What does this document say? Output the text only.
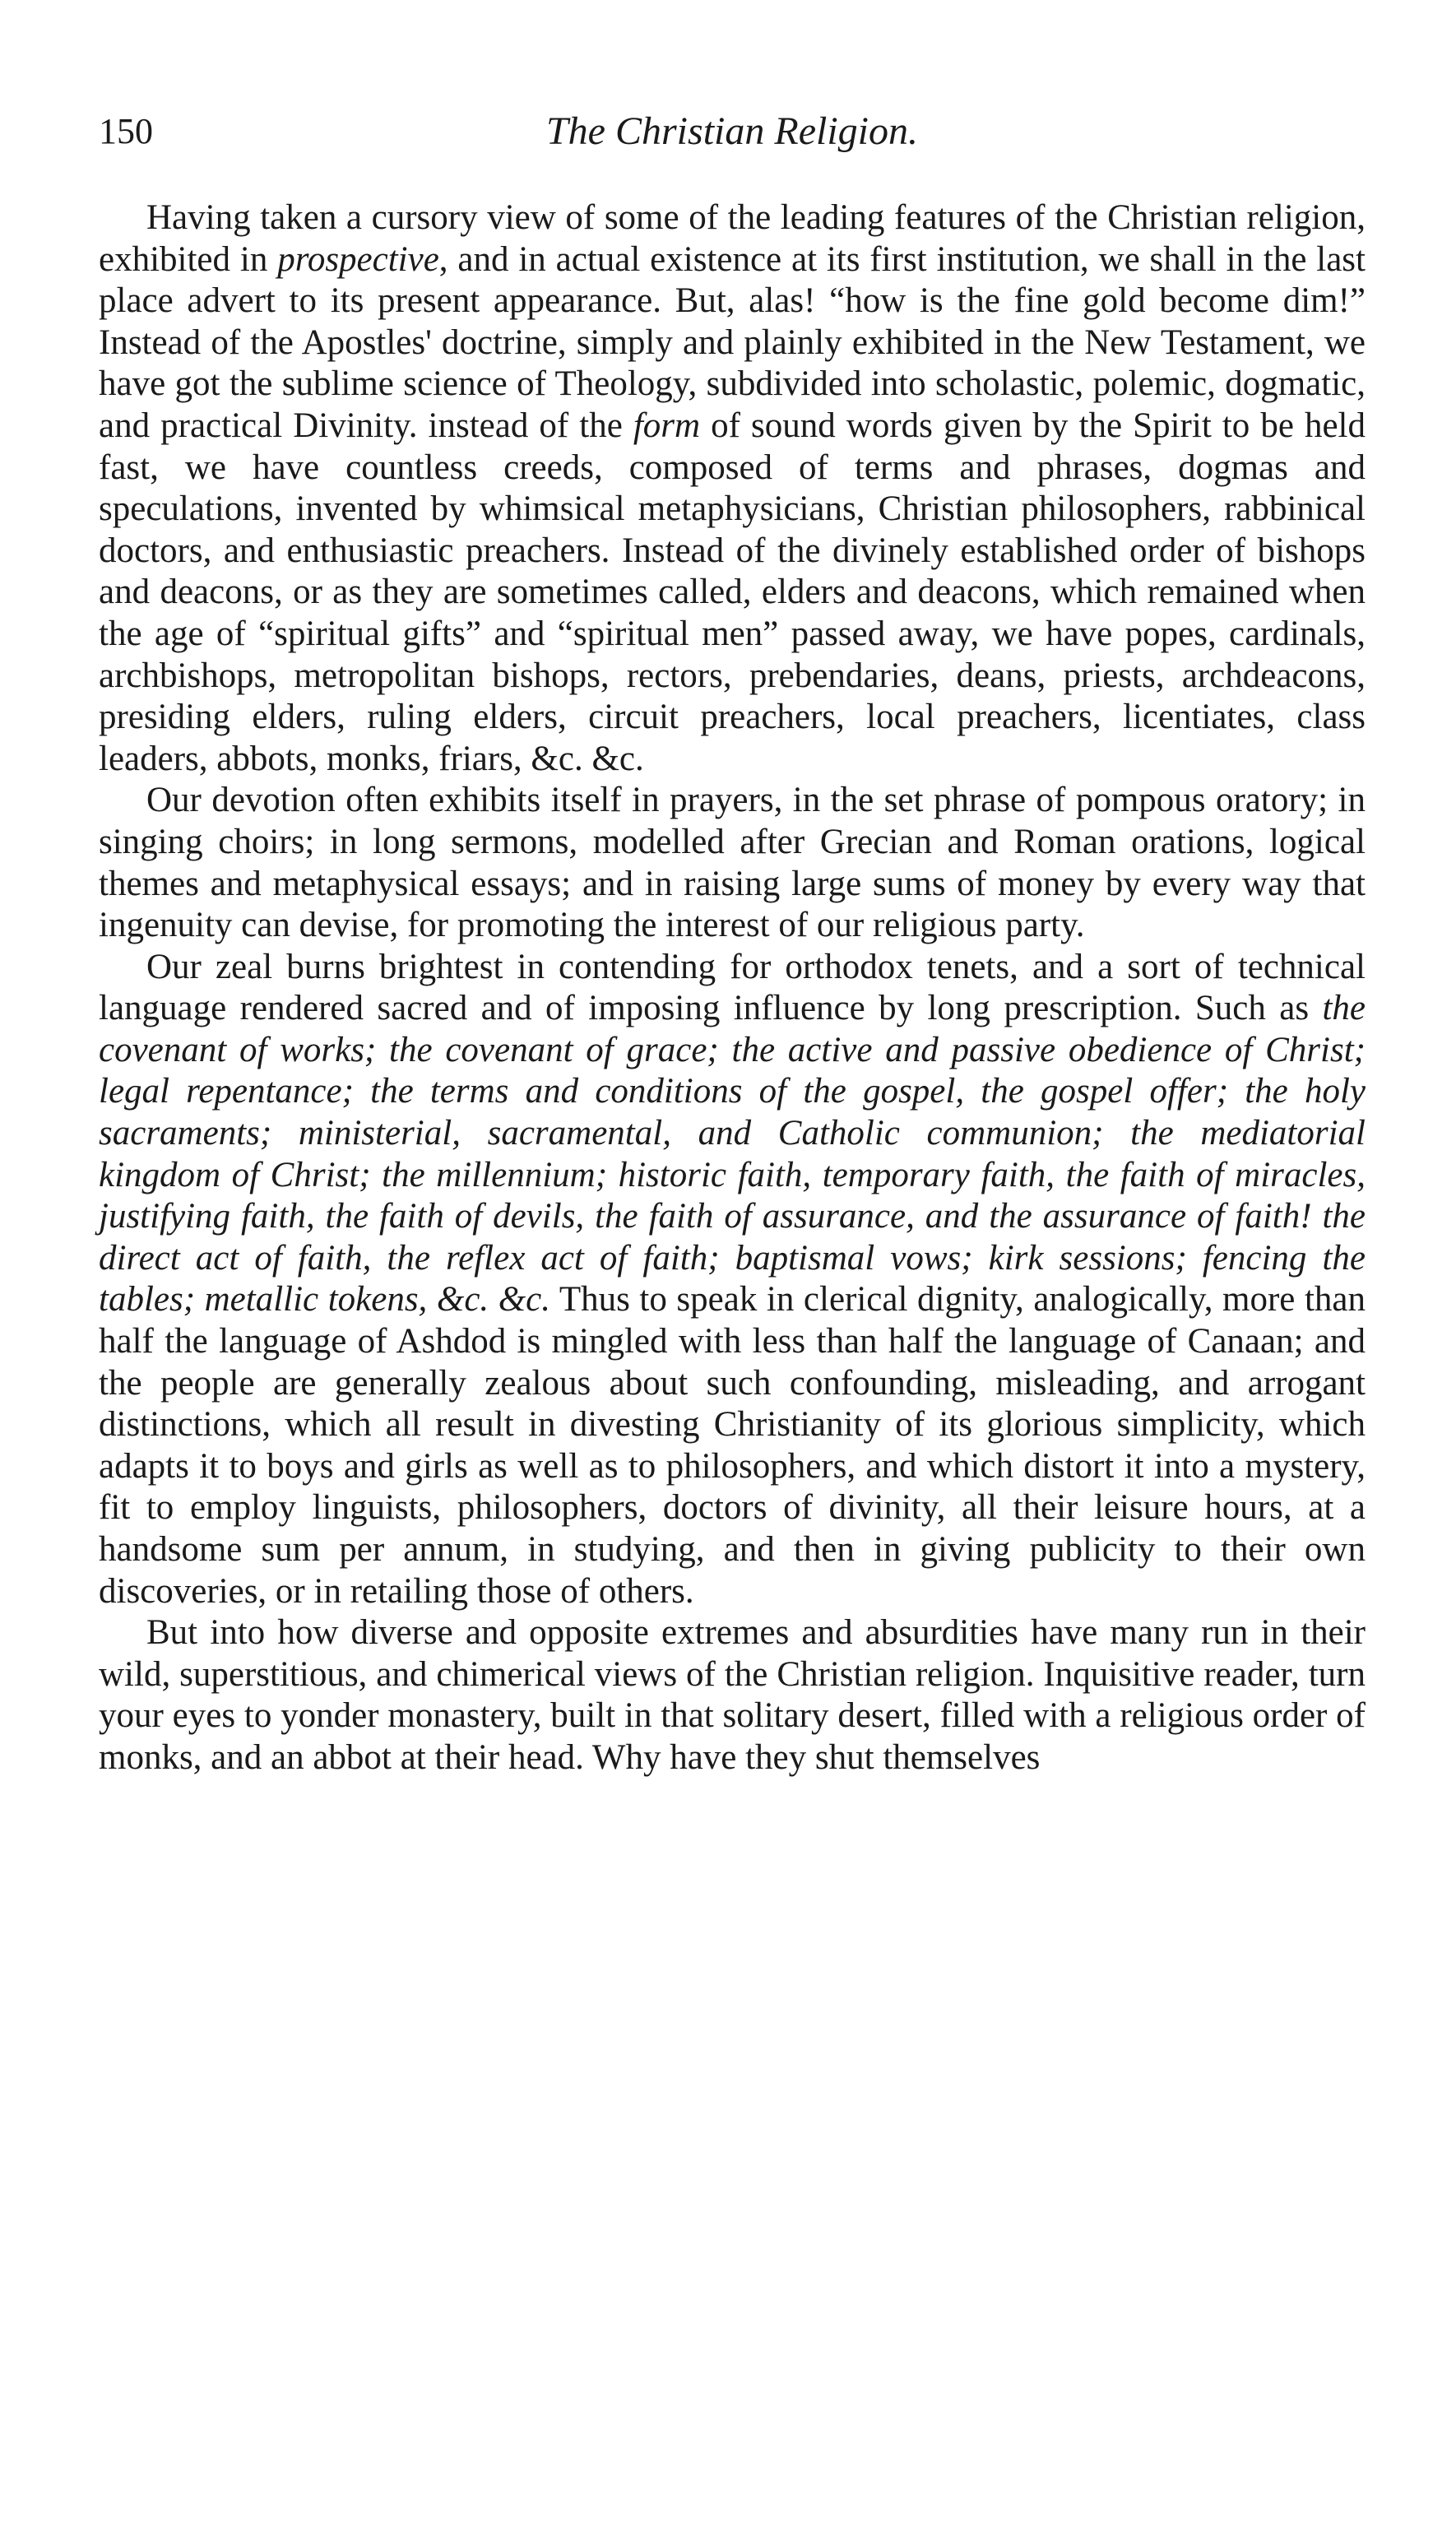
150	The Christian Religion.

Having taken a cursory view of some of the leading features of the Christian religion, exhibited in prospective, and in actual existence at its first institution, we shall in the last place advert to its present appearance. But, alas! “how is the fine gold become dim!” Instead of the Apostles' doctrine, simply and plainly exhibited in the New Testament, we have got the sublime science of Theology, subdivided into scholastic, polemic, dogmatic, and practical Divinity. instead of the form of sound words given by the Spirit to be held fast, we have countless creeds, composed of terms and phrases, dogmas and speculations, invented by whimsical metaphysicians, Christian philosophers, rabbinical doctors, and enthusiastic preachers. Instead of the divinely established order of bishops and deacons, or as they are sometimes called, elders and deacons, which remained when the age of “spiritual gifts” and “spiritual men” passed away, we have popes, cardinals, archbishops, metropolitan bishops, rectors, prebendaries, deans, priests, archdeacons, presiding elders, ruling elders, circuit preachers, local preachers, licentiates, class leaders, abbots, monks, friars, &c. &c.

Our devotion often exhibits itself in prayers, in the set phrase of pompous oratory; in singing choirs; in long sermons, modelled after Grecian and Roman orations, logical themes and metaphysical essays; and in raising large sums of money by every way that ingenuity can devise, for promoting the interest of our religious party.

Our zeal burns brightest in contending for orthodox tenets, and a sort of technical language rendered sacred and of imposing influence by long prescription. Such as the covenant of works; the covenant of grace; the active and passive obedience of Christ; legal repentance; the terms and conditions of the gospel, the gospel offer; the holy sacraments; ministerial, sacramental, and Catholic communion; the mediatorial kingdom of Christ; the millennium; historic faith, temporary faith, the faith of miracles, justifying faith, the faith of devils, the faith of assurance, and the assurance of faith! the direct act of faith, the reflex act of faith; baptismal vows; kirk sessions; fencing the tables; metallic tokens, &c. &c. Thus to speak in clerical dignity, analogically, more than half the language of Ashdod is mingled with less than half the language of Canaan; and the people are generally zealous about such confounding, misleading, and arrogant distinctions, which all result in divesting Christianity of its glorious simplicity, which adapts it to boys and girls as well as to philosophers, and which distort it into a mystery, fit to employ linguists, philosophers, doctors of divinity, all their leisure hours, at a handsome sum per annum, in studying, and then in giving publicity to their own discoveries, or in retailing those of others.

But into how diverse and opposite extremes and absurdities have many run in their wild, superstitious, and chimerical views of the Christian religion. Inquisitive reader, turn your eyes to yonder monastery, built in that solitary desert, filled with a religious order of monks, and an abbot at their head. Why have they shut themselves
